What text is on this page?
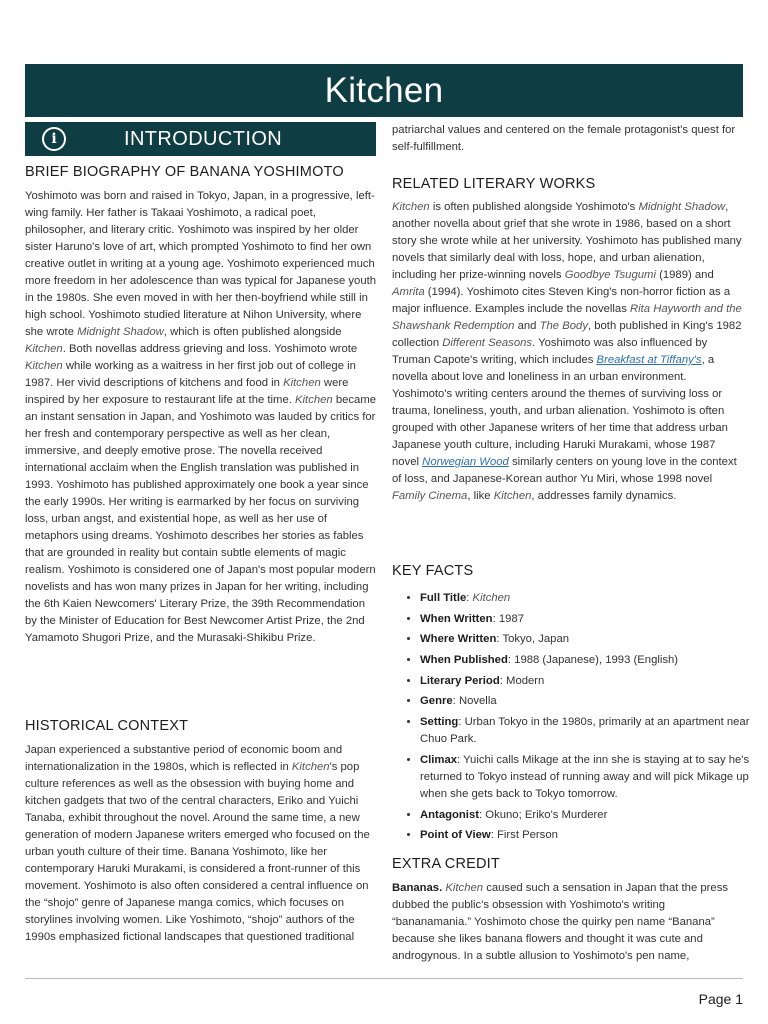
Kitchen
i	INTRODUCTION
BRIEF BIOGRAPHY OF BANANA YOSHIMOTO

Yoshimoto was born and raised in Tokyo, Japan, in a progressive, left-wing family. Her father is Takaai Yoshimoto, a radical poet, philosopher, and literary critic. Yoshimoto was inspired by her older sister Haruno's love of art, which prompted Yoshimoto to find her own creative outlet in writing at a young age. Yoshimoto experienced much more freedom in her adolescence than was typical for Japanese youth in the 1980s. She even moved in with her then-boyfriend while still in high school. Yoshimoto studied literature at Nihon University, where she wrote Midnight Shadow, which is often published alongside Kitchen. Both novellas address grieving and loss. Yoshimoto wrote Kitchen while working as a waitress in her first job out of college in 1987. Her vivid descriptions of kitchens and food in Kitchen were inspired by her exposure to restaurant life at the time. Kitchen became an instant sensation in Japan, and Yoshimoto was lauded by critics for her fresh and contemporary perspective as well as her clean, immersive, and deeply emotive prose. The novella received international acclaim when the English translation was published in 1993. Yoshimoto has published approximately one book a year since the early 1990s. Her writing is earmarked by her focus on surviving loss, urban angst, and existential hope, as well as her use of metaphors using dreams. Yoshimoto describes her stories as fables that are grounded in reality but contain subtle elements of magic realism. Yoshimoto is considered one of Japan's most popular modern novelists and has won many prizes in Japan for her writing, including the 6th Kaien Newcomers' Literary Prize, the 39th Recommendation by the Minister of Education for Best Newcomer Artist Prize, the 2nd Yamamoto Shugori Prize, and the Murasaki-Shikibu Prize.

HISTORICAL CONTEXT

Japan experienced a substantive period of economic boom and internationalization in the 1980s, which is reflected in Kitchen's pop culture references as well as the obsession with buying home and kitchen gadgets that two of the central characters, Eriko and Yuichi Tanaba, exhibit throughout the novel. Around the same time, a new generation of modern Japanese writers emerged who focused on the urban youth culture of their time. Banana Yoshimoto, like her contemporary Haruki Murakami, is considered a front-runner of this movement. Yoshimoto is also often considered a central influence on the “shojo” genre of Japanese manga comics, which focuses on storylines involving women. Like Yoshimoto, “shojo” authors of the 1990s emphasized fictional landscapes that questioned traditional

patriarchal values and centered on the female protagonist's quest for self-fulfillment.

RELATED LITERARY WORKS

Kitchen is often published alongside Yoshimoto's Midnight Shadow, another novella about grief that she wrote in 1986, based on a short story she wrote while at her university. Yoshimoto has published many novels that similarly deal with loss, hope, and urban alienation, including her prize-winning novels Goodbye Tsugumi (1989) and Amrita (1994). Yoshimoto cites Steven King's non-horror fiction as a major influence. Examples include the novellas Rita Hayworth and the Shawshank Redemption and The Body, both published in King's 1982 collection Different Seasons. Yoshimoto was also influenced by Truman Capote's writing, which includes Breakfast at Tiffany's, a novella about love and loneliness in an urban environment. Yoshimoto's writing centers around the themes of surviving loss or trauma, loneliness, youth, and urban alienation. Yoshimoto is often grouped with other Japanese writers of her time that address urban Japanese youth culture, including Haruki Murakami, whose 1987 novel Norwegian Wood similarly centers on young love in the context of loss, and Japanese-Korean author Yu Miri, whose 1998 novel Family Cinema, like Kitchen, addresses family dynamics.

KEY FACTS
• Full Title: Kitchen
• When Written: 1987
• Where Written: Tokyo, Japan
• When Published: 1988 (Japanese), 1993 (English)
• Literary Period: Modern
• Genre: Novella
• Setting: Urban Tokyo in the 1980s, primarily at an apartment near Chuo Park.
• Climax: Yuichi calls Mikage at the inn she is staying at to say he's returned to Tokyo instead of running away and will pick Mikage up when she gets back to Tokyo tomorrow.
• Antagonist: Okuno; Eriko's Murderer
• Point of View: First Person
EXTRA CREDIT

Bananas. Kitchen caused such a sensation in Japan that the press dubbed the public's obsession with Yoshimoto's writing “bananamania.” Yoshimoto chose the quirky pen name “Banana” because she likes banana flowers and thought it was cute and androgynous. In a subtle allusion to Yoshimoto's pen name,

Page 1
